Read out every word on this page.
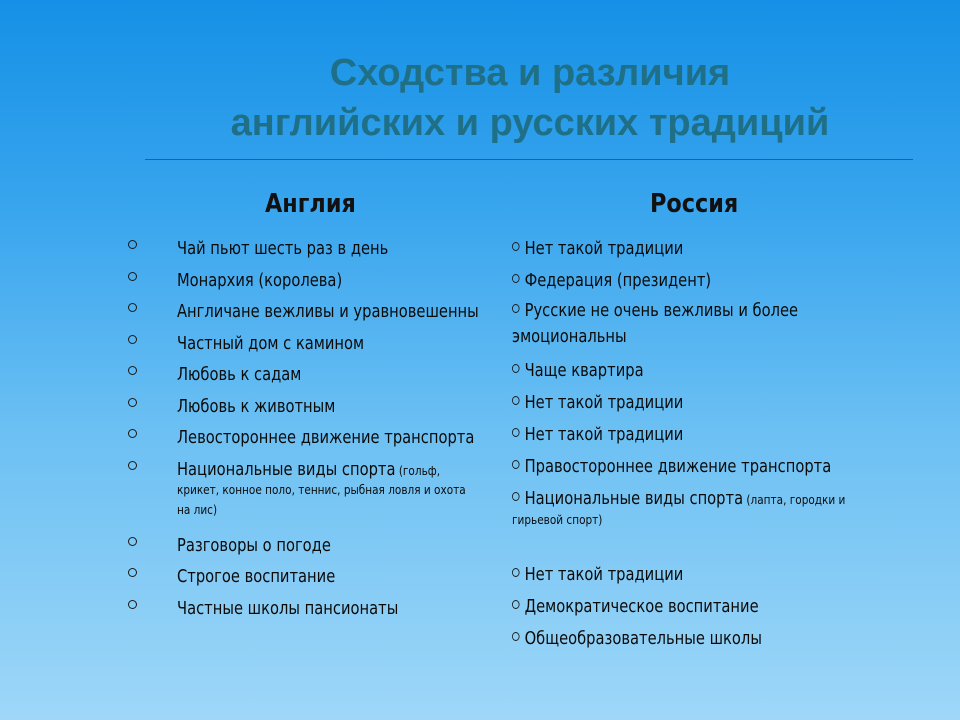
Сходства и различия
английских и русских традиций
Англия	Россия
Чай пьют шесть раз в день
Монархия (королева)
Англичане вежливы и уравновешенны
Частный дом с камином
Любовь к садам
Любовь к животным
Левостороннее движение транспорта
Национальные виды спорта (гольф,
крикет, конное поло, теннис, рыбная ловля и охота
на лис)
Разговоры о погоде
Строгое воспитание
Частные школы пансионаты
Нет такой традиции
Федерация (президент)
Русские не очень вежливы и более
эмоциональны
Чаще квартира
Нет такой традиции
Нет такой традиции
Правостороннее движение транспорта
Национальные виды спорта (лапта, городки и
гирьевой спорт)
Нет такой традиции
Демократическое воспитание
Общеобразовательные школы
